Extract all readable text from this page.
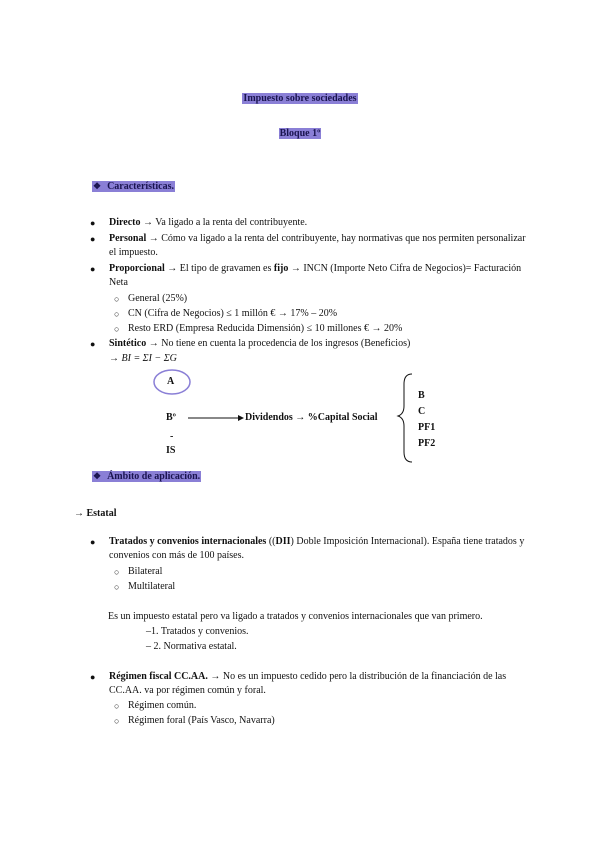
Impuesto sobre sociedades
Bloque 1º
❖ Características.
● Directo → Va ligado a la renta del contribuyente.
● Personal → Cómo va ligado a la renta del contribuyente, hay normativas que nos permiten personalizar el impuesto.
● Proporcional → El tipo de gravamen es fijo → INCN (Importe Neto Cifra de Negocios)= Facturación Neta
○ General (25%)
○ CN (Cifra de Negocios) ≤ 1 millón € → 17% – 20%
○ Resto ERD (Empresa Reducida Dimensión) ≤ 10 millones € → 20%
● Sintético → No tiene en cuenta la procedencia de los ingresos (Beneficios)
→ BI = ΣI − ΣG
A
Bº
-
IS
Dividendos → %Capital Social
B
C
PF1
PF2
❖ Ámbito de aplicación.
→ Estatal
● Tratados y convenios internacionales ((DII) Doble Imposición Internacional). España tiene tratados y convenios con más de 100 países.
○ Bilateral
○ Multilateral
Es un impuesto estatal pero va ligado a tratados y convenios internacionales que van primero.
–1. Tratados y convenios.
– 2. Normativa estatal.
● Régimen fiscal CC.AA. → No es un impuesto cedido pero la distribución de la financiación de las CC.AA. va por régimen común y foral.
○ Régimen común.
○ Régimen foral (País Vasco, Navarra)
